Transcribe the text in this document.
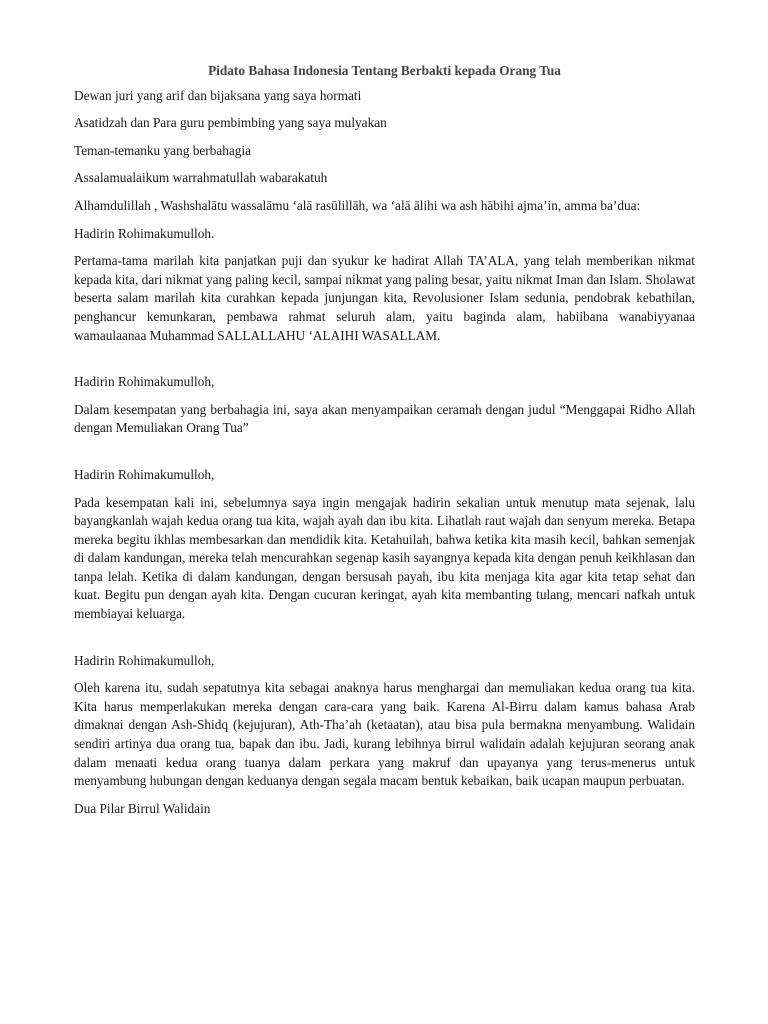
Pidato Bahasa Indonesia Tentang Berbakti kepada Orang Tua

Dewan juri yang arif dan bijaksana yang saya hormati

Asatidzah dan Para guru pembimbing yang saya mulyakan

Teman-temanku yang berbahagia

Assalamualaikum warrahmatullah wabarakatuh

Alhamdulillah , Washshalātu wassalāmu ‘alā rasūlillāh, wa ‘alā ālihi wa ash hābihi ajma’in, amma ba’dua:

Hadirin Rohimakumulloh.

Pertama-tama marilah kita panjatkan puji dan syukur ke hadirat Allah TA’ALA, yang telah memberikan nikmat kepada kita, dari nikmat yang paling kecil, sampai nikmat yang paling besar, yaitu nikmat Iman dan Islam. Sholawat beserta salam marilah kita curahkan kepada junjungan kita, Revolusioner Islam sedunia, pendobrak kebathilan, penghancur kemunkaran, pembawa rahmat seluruh alam, yaitu baginda alam, habiibana wanabiyyanaa wamaulaanaa Muhammad SALLALLAHU ‘ALAIHI WASALLAM.

Hadirin Rohimakumulloh,

Dalam kesempatan yang berbahagia ini, saya akan menyampaikan ceramah dengan judul “Menggapai Ridho Allah dengan Memuliakan Orang Tua”

Hadirin Rohimakumulloh,

Pada kesempatan kali ini, sebelumnya saya ingin mengajak hadirin sekalian untuk menutup mata sejenak, lalu bayangkanlah wajah kedua orang tua kita, wajah ayah dan ibu kita. Lihatlah raut wajah dan senyum mereka. Betapa mereka begitu ikhlas membesarkan dan mendidik kita. Ketahuilah, bahwa ketika kita masih kecil, bahkan semenjak di dalam kandungan, mereka telah mencurahkan segenap kasih sayangnya kepada kita dengan penuh keikhlasan dan tanpa lelah. Ketika di dalam kandungan, dengan bersusah payah, ibu kita menjaga kita agar kita tetap sehat dan kuat. Begitu pun dengan ayah kita. Dengan cucuran keringat, ayah kita membanting tulang, mencari nafkah untuk membiayai keluarga.

Hadirin Rohimakumulloh,

Oleh karena itu, sudah sepatutnya kita sebagai anaknya harus menghargai dan memuliakan kedua orang tua kita. Kita harus memperlakukan mereka dengan cara-cara yang baik. Karena Al-Birru dalam kamus bahasa Arab dimaknai dengan Ash-Shidq (kejujuran), Ath-Tha’ah (ketaatan), atau bisa pula bermakna menyambung. Walidain sendiri artinya dua orang tua, bapak dan ibu. Jadi, kurang lebihnya birrul walidain adalah kejujuran seorang anak dalam menaati kedua orang tuanya dalam perkara yang makruf dan upayanya yang terus-menerus untuk menyambung hubungan dengan keduanya dengan segala macam bentuk kebaikan, baik ucapan maupun perbuatan.

Dua Pilar Birrul Walidain
